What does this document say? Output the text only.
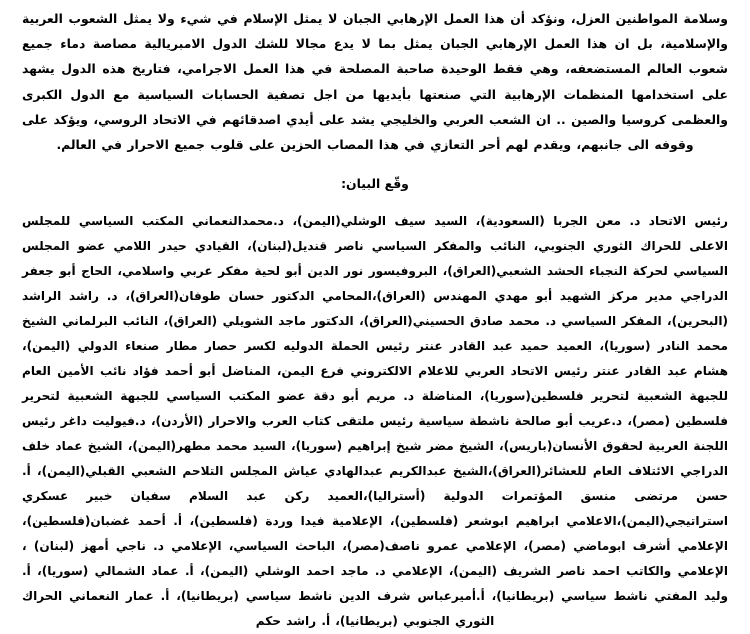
وسلامة المواطنين العزل، ونؤكد أن هذا العمل الإرهابي الجبان لا يمثل الإسلام في شيء ولا يمثل الشعوب العربية والإسلامية، بل ان هذا العمل الإرهابي الجبان يمثل بما لا يدع مجالا للشك الدول الامبريالية مصاصة دماء جميع شعوب العالم المستضعفه، وهي فقط الوحيدة صاحبة المصلحة في هذا العمل الاجرامي، فتاريخ هذه الدول يشهد على استخدامها المنظمات الإرهابية التي صنعتها بأيديها من اجل تصفية الحسابات السياسية مع الدول الكبرى والعظمى كروسيا والصين .. ان الشعب العربي والخليجي يشد على أيدي اصدقائهم في الاتحاد الروسي، ويؤكد على وقوفه الى جانبهم، ويقدم لهم أحر التعازي في هذا المصاب الحزين على قلوب جميع الاحرار في العالم.

وقّع البيان:

رئيس الاتحاد د. معن الجربا (السعودية)، السيد سيف الوشلي(اليمن)، د.محمدالنعماني المكتب السياسي للمجلس الاعلى للحراك الثوري الجنوبي، النائب والمفكر السياسي ناصر قنديل(لبنان)، القيادي حيدر اللامي عضو المجلس السياسي لحركة النجباء الحشد الشعبي(العراق)، البروفيسور نور الدين أبو لحية مفكر عربي واسلامي، الحاج أبو جعفر الدراجي مدير مركز الشهيد أبو مهدي المهندس (العراق)،المحامي الدكتور حسان طوفان(العراق)، د. راشد الراشد (البحرين)، المفكر السياسي د. محمد صادق الحسيني(العراق)، الدكتور ماجد الشويلي (العراق)، النائب البرلماني الشيخ محمد النادر (سوريا)، العميد حميد عبد القادر عنتر رئيس الحملة الدوليه لكسر حصار مطار صنعاء الدولي (اليمن)، هشام عبد القادر عنتر رئيس الاتحاد العربي للاعلام الالكتروني فرع اليمن، المناضل أبو أحمد فؤاد نائب الأمين العام للجبهة الشعبية لتحرير فلسطين(سوريا)، المناضلة د. مريم أبو دقة عضو المكتب السياسي للجبهة الشعبية لتحرير فلسطين (مصر)، د.عريب أبو صالحة ناشطة سياسية رئيس ملتقى كتاب العرب والاحرار (الأردن)، د.فيوليت داغر رئيس اللجنة العربية لحقوق الأنسان(باريس)، الشيخ مضر شيخ إبراهيم (سوريا)، السيد محمد مطهر(اليمن)، الشيخ عماد خلف الدراجي الائتلاف العام للعشائر(العراق)،الشيخ عبدالكريم عبدالهادي عياش المجلس التلاحم الشعبي القبلي(اليمن)، أ. حسن مرتضى منسق المؤتمرات الدولية (أستراليا)،العميد ركن عبد السلام سفيان خبير عسكري استراتيجي(اليمن)،الاعلامي ابراهيم ابوشعر (فلسطين)، الإعلامية فيدا وردة (فلسطين)، أ. أحمد غضبان(فلسطين)، الإعلامي أشرف ابوماضي (مصر)، الإعلامي عمرو ناصف(مصر)، الباحث السياسي، الإعلامي د. ناجي أمهز (لبنان) ، الإعلامي والكاتب احمد ناصر الشريف (اليمن)، الإعلامي د. ماجد احمد الوشلي (اليمن)، أ. عماد الشمالي (سوريا)، أ. وليد المفتي ناشط سياسي (بريطانيا)، أ.أميرعباس شرف الدين ناشط سياسي (بريطانيا)، أ. عمار النعماني الحراك الثوري الجنوبي (بريطانيا)، أ. راشد حكم
